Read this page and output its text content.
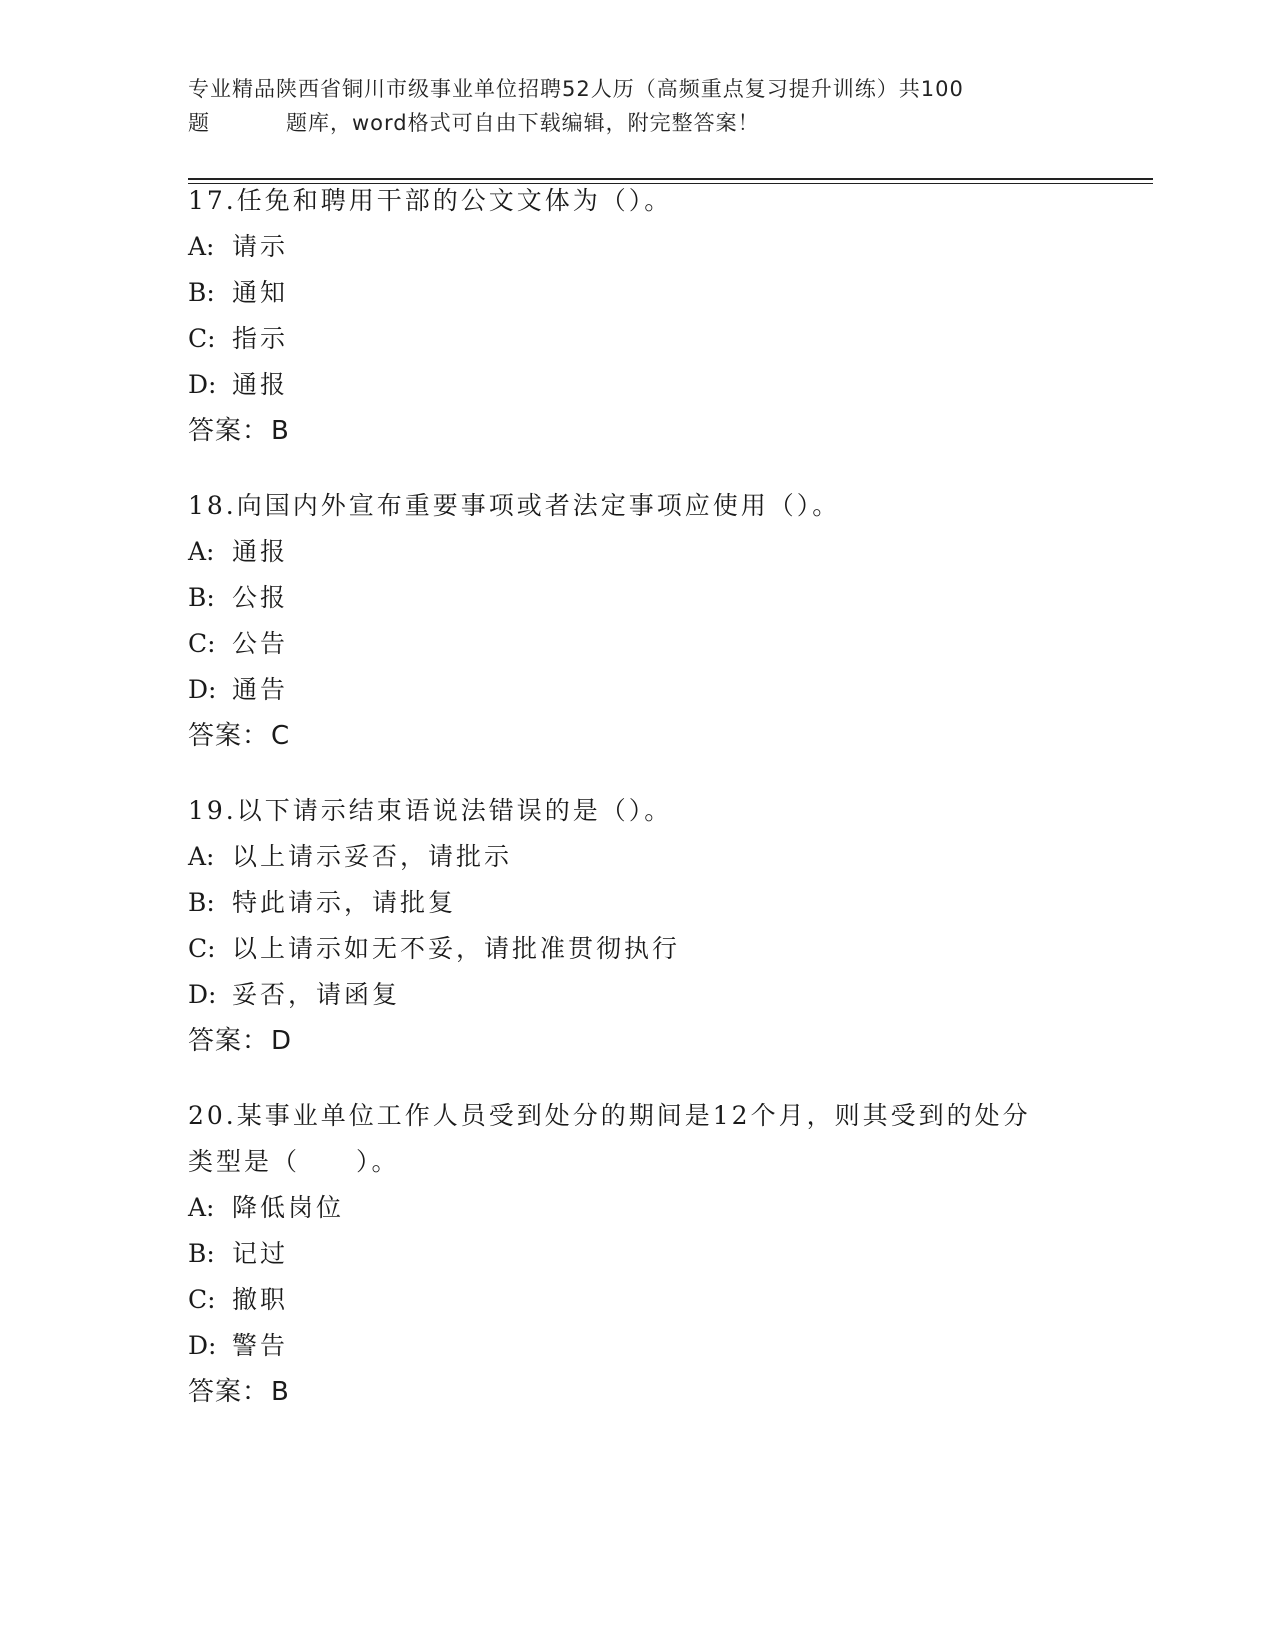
专业精品陕西省铜川市级事业单位招聘52人历（高频重点复习提升训练）共100
题	题库，word格式可自由下载编辑，附完整答案！
17.任免和聘用干部的公文文体为（）。
A: 请示
B: 通知
C: 指示
D: 通报
答案：B
18.向国内外宣布重要事项或者法定事项应使用（）。
A: 通报
B: 公报
C: 公告
D: 通告
答案：C
19.以下请示结束语说法错误的是（）。
A: 以上请示妥否，请批示
B: 特此请示，请批复
C: 以上请示如无不妥，请批准贯彻执行
D: 妥否，请函复
答案：D
20.某事业单位工作人员受到处分的期间是12个月，则其受到的处分
类型是（　　）。
A: 降低岗位
B: 记过
C: 撤职
D: 警告
答案：B
